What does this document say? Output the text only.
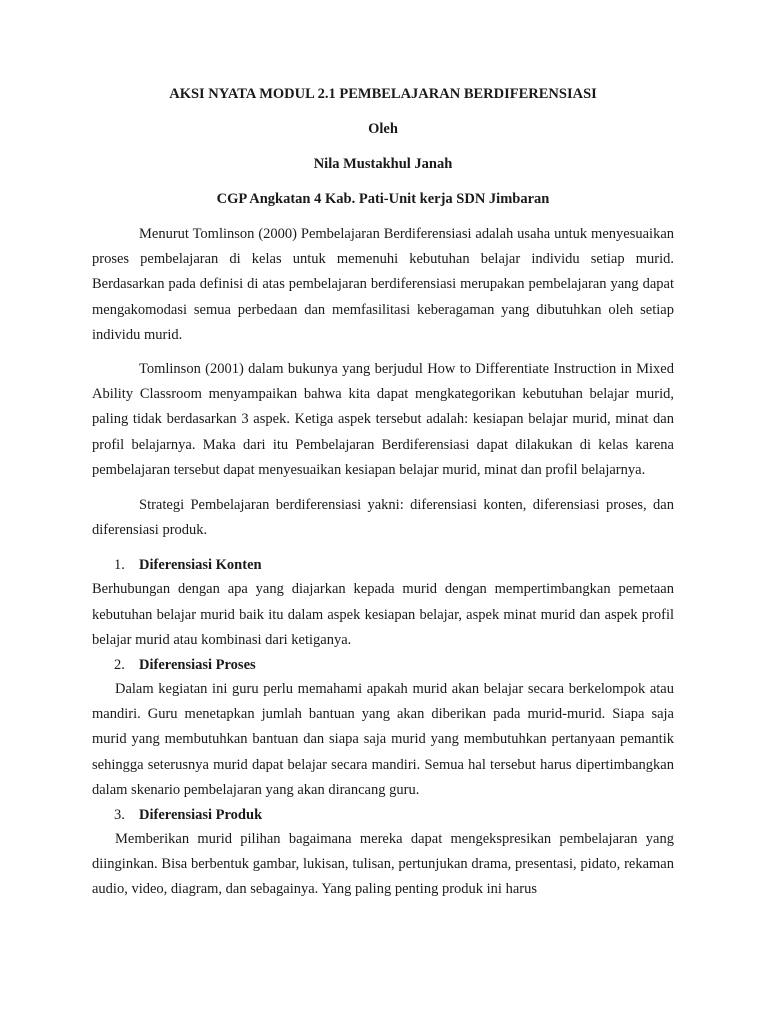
AKSI NYATA MODUL 2.1 PEMBELAJARAN BERDIFERENSIASI

Oleh

Nila Mustakhul Janah

CGP Angkatan 4 Kab. Pati-Unit kerja SDN Jimbaran

Menurut Tomlinson (2000) Pembelajaran Berdiferensiasi adalah usaha untuk menyesuaikan proses pembelajaran di kelas untuk memenuhi kebutuhan belajar individu setiap murid. Berdasarkan pada definisi di atas pembelajaran berdiferensiasi merupakan pembelajaran yang dapat mengakomodasi semua perbedaan dan memfasilitasi keberagaman yang dibutuhkan oleh setiap individu murid.

Tomlinson (2001) dalam bukunya yang berjudul How to Differentiate Instruction in Mixed Ability Classroom menyampaikan bahwa kita dapat mengkategorikan kebutuhan belajar murid, paling tidak berdasarkan 3 aspek. Ketiga aspek tersebut adalah: kesiapan belajar murid, minat dan profil belajarnya. Maka dari itu Pembelajaran Berdiferensiasi dapat dilakukan di kelas karena pembelajaran tersebut dapat menyesuaikan kesiapan belajar murid, minat dan profil belajarnya.

Strategi Pembelajaran berdiferensiasi yakni: diferensiasi konten, diferensiasi proses, dan diferensiasi produk.

1. Diferensiasi Konten

Berhubungan dengan apa yang diajarkan kepada murid dengan mempertimbangkan pemetaan kebutuhan belajar murid baik itu dalam aspek kesiapan belajar, aspek minat murid dan aspek profil belajar murid atau kombinasi dari ketiganya.

2. Diferensiasi Proses

Dalam kegiatan ini guru perlu memahami apakah murid akan belajar secara berkelompok atau mandiri. Guru menetapkan jumlah bantuan yang akan diberikan pada murid-murid. Siapa saja murid yang membutuhkan bantuan dan siapa saja murid yang membutuhkan pertanyaan pemantik sehingga seterusnya murid dapat belajar secara mandiri. Semua hal tersebut harus dipertimbangkan dalam skenario pembelajaran yang akan dirancang guru.

3. Diferensiasi Produk

Memberikan murid pilihan bagaimana mereka dapat mengekspresikan pembelajaran yang diinginkan. Bisa berbentuk gambar, lukisan, tulisan, pertunjukan drama, presentasi, pidato, rekaman audio, video, diagram, dan sebagainya. Yang paling penting produk ini harus
